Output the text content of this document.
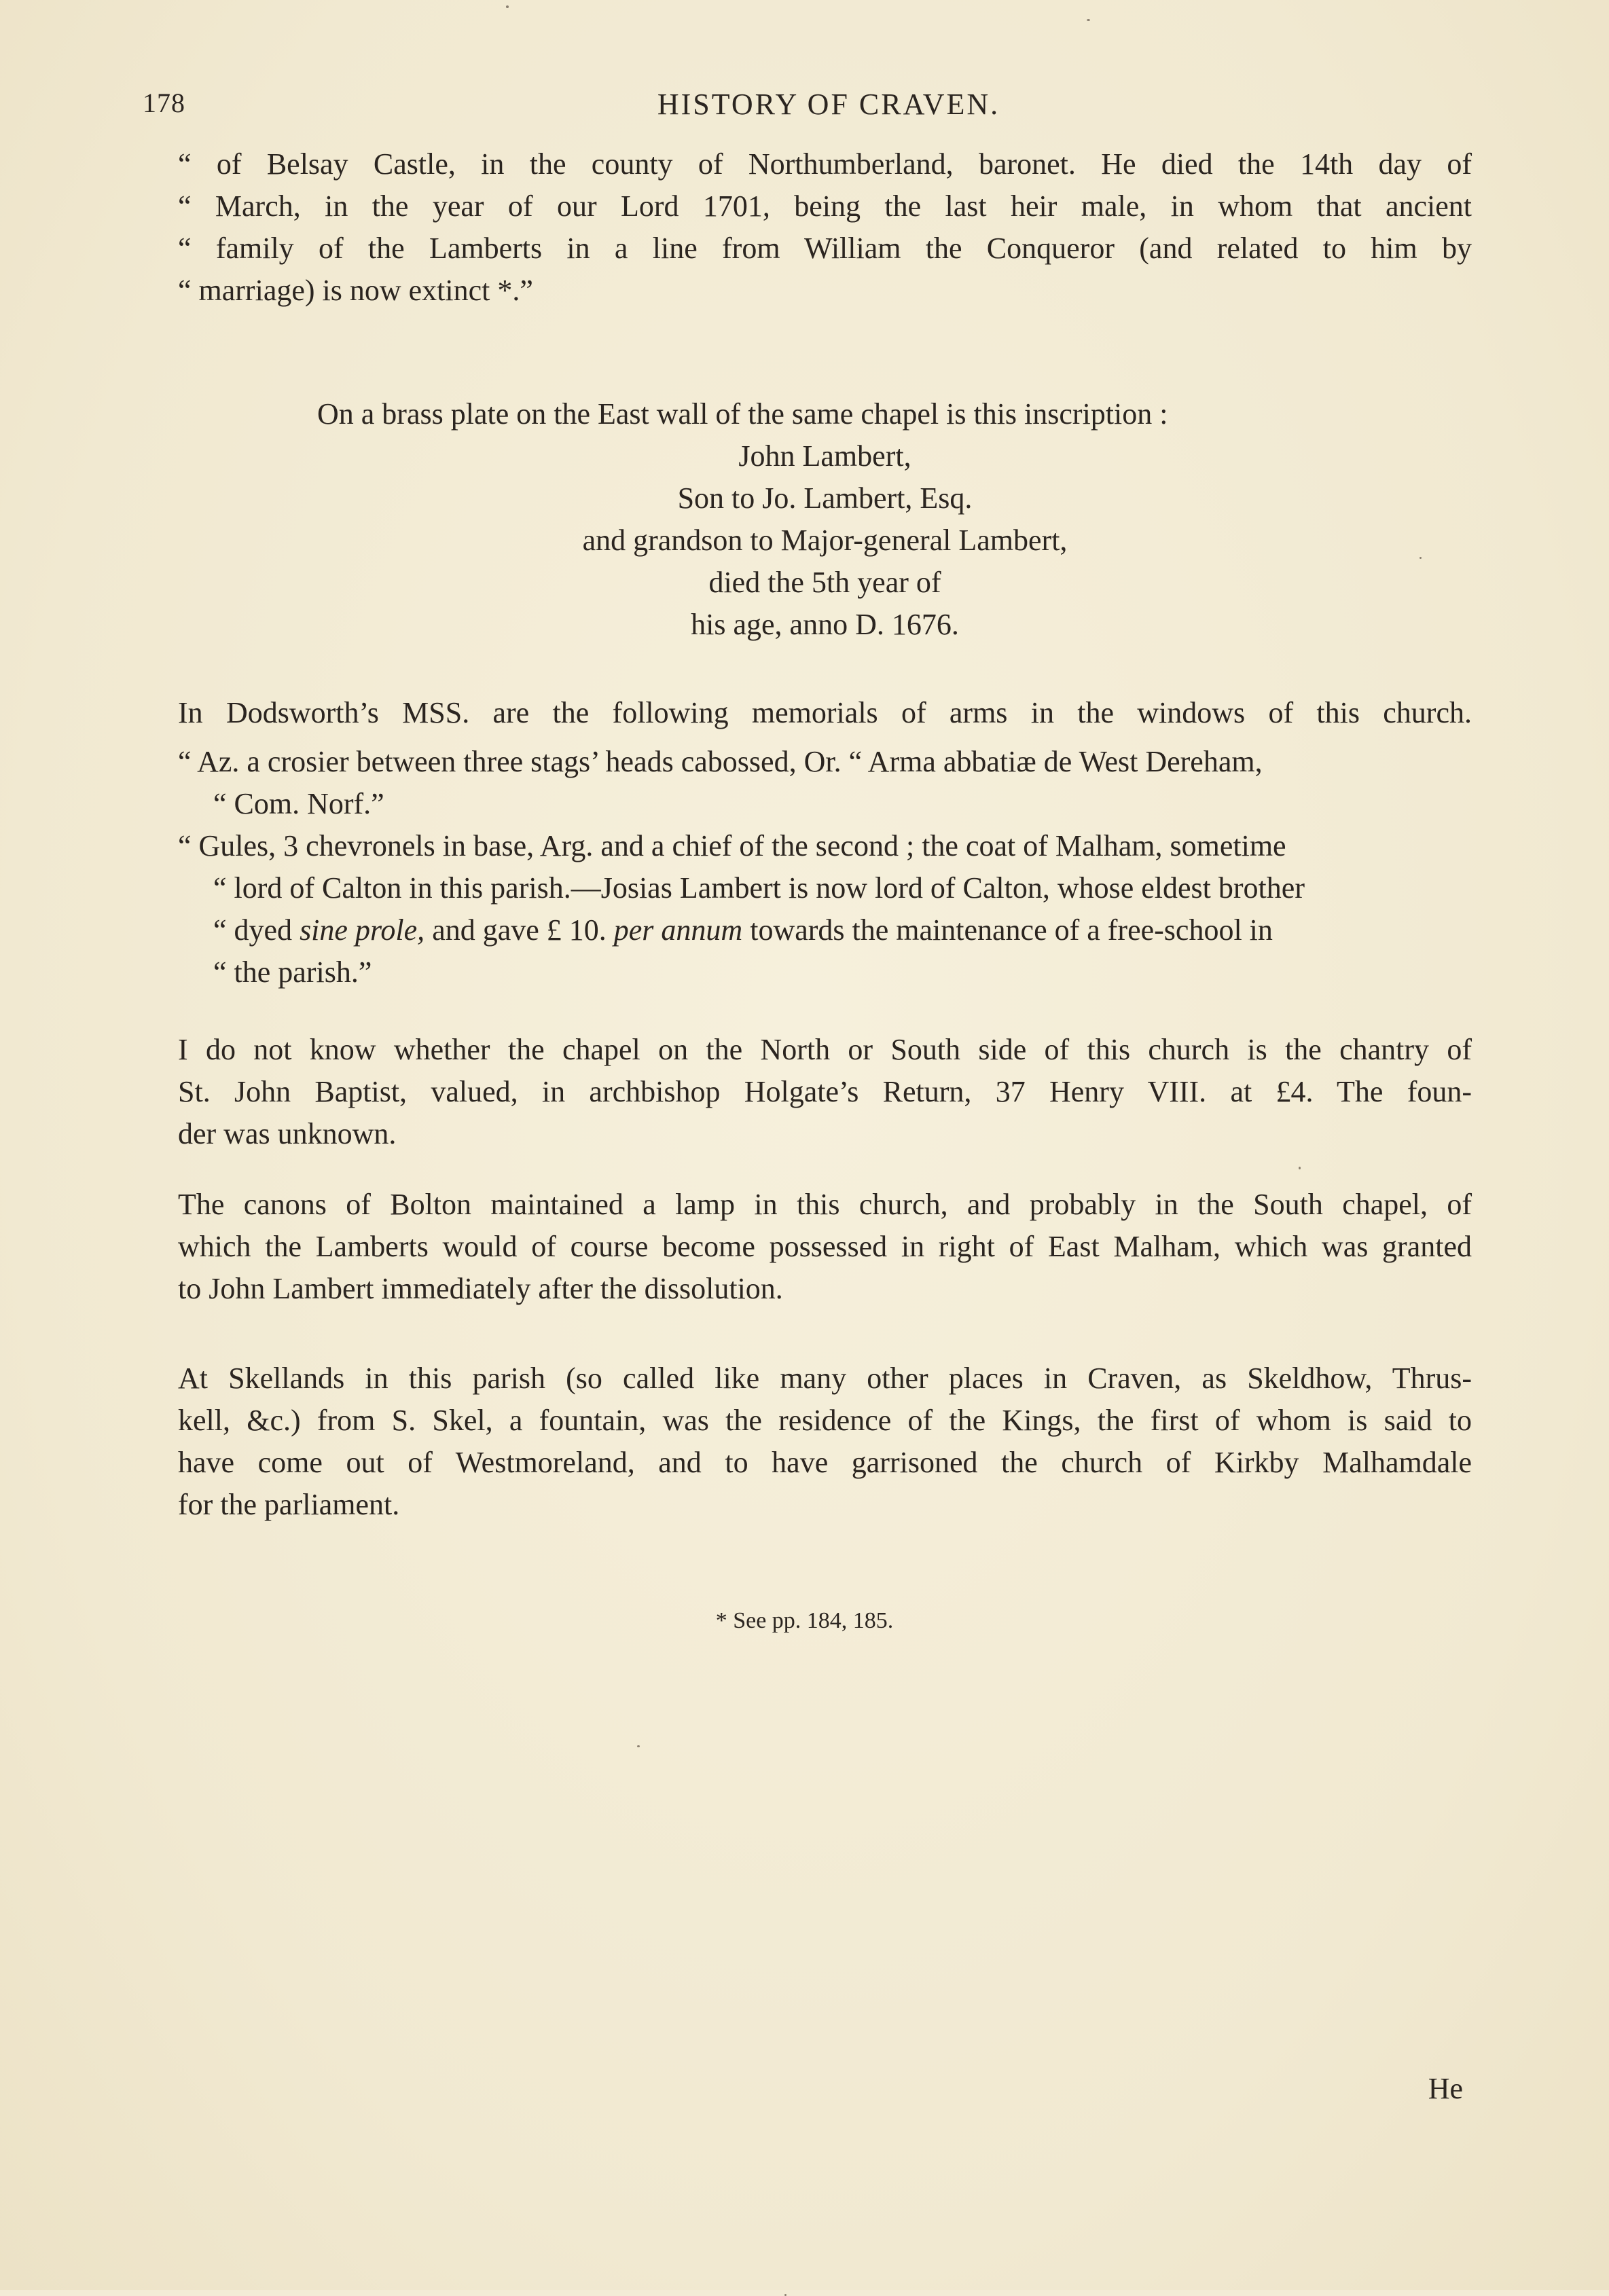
178	HISTORY OF CRAVEN.
“ of Belsay Castle, in the county of Northumberland, baronet. He died the 14th day of
“ March, in the year of our Lord 1701, being the last heir male, in whom that ancient
“ family of the Lamberts in a line from William the Conqueror (and related to him by
“ marriage) is now extinct *.”
On a brass plate on the East wall of the same chapel is this inscription :
John Lambert,
Son to Jo. Lambert, Esq.
and grandson to Major-general Lambert,
died the 5th year of
his age, anno D. 1676.
In Dodsworth’s MSS. are the following memorials of arms in the windows of this church.
“ Az. a crosier between three stags’ heads cabossed, Or. “ Arma abbatiæ de West Dereham,
“ Com. Norf.”
“ Gules, 3 chevronels in base, Arg. and a chief of the second ; the coat of Malham, sometime
“ lord of Calton in this parish.—Josias Lambert is now lord of Calton, whose eldest brother
“ dyed sine prole, and gave £ 10. per annum towards the maintenance of a free-school in
“ the parish.”
I do not know whether the chapel on the North or South side of this church is the chantry of
St. John Baptist, valued, in archbishop Holgate’s Return, 37 Henry VIII. at £4. The foun-
der was unknown.
The canons of Bolton maintained a lamp in this church, and probably in the South chapel, of
which the Lamberts would of course become possessed in right of East Malham, which was granted
to John Lambert immediately after the dissolution.
At Skellands in this parish (so called like many other places in Craven, as Skeldhow, Thrus-
kell, &c.) from S. Skel, a fountain, was the residence of the Kings, the first of whom is said to
have come out of Westmoreland, and to have garrisoned the church of Kirkby Malhamdale
for the parliament.
* See pp. 184, 185.
He
